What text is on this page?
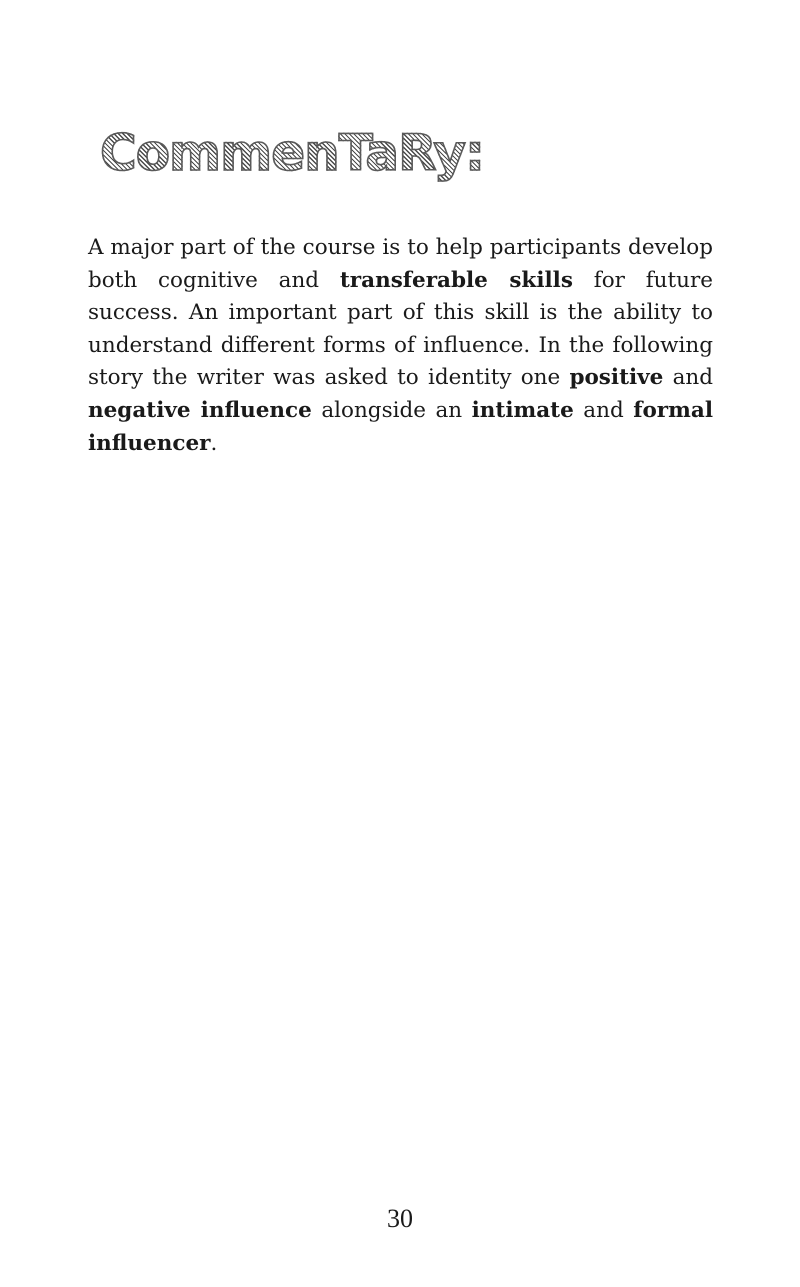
CommenTaRy:

A major part of the course is to help participants develop both cognitive and transferable skills for future success. An important part of this skill is the ability to understand different forms of influence. In the following story the writer was asked to identity one positive and negative influence alongside an intimate and formal influencer.

30
